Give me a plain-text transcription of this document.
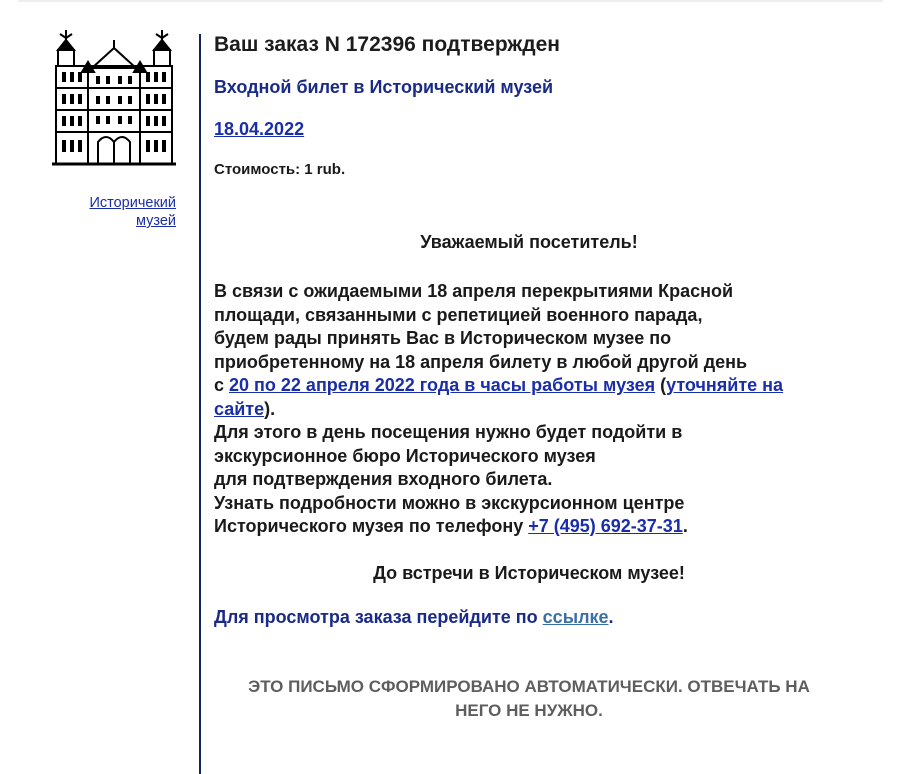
Историчекий
музей
Ваш заказ N 172396 подтвержден
Входной билет в Исторический музей
18.04.2022
Стоимость: 1 rub.
Уважаемый посетитель!
В связи с ожидаемыми 18 апреля перекрытиями Красной
площади, связанными с репетицией военного парада,
будем рады принять Вас в Историческом музее по
приобретенному на 18 апреля билету в любой другой день
с 20 по 22 апреля 2022 года в часы работы музея (уточняйте на
сайте).
Для этого в день посещения нужно будет подойти в
экскурсионное бюро Исторического музея
для подтверждения входного билета.
Узнать подробности можно в экскурсионном центре
Исторического музея по телефону +7 (495) 692-37-31.
До встречи в Историческом музее!
Для просмотра заказа перейдите по ссылке.
ЭТО ПИСЬМО СФОРМИРОВАНО АВТОМАТИЧЕСКИ. ОТВЕЧАТЬ НА
НЕГО НЕ НУЖНО.
